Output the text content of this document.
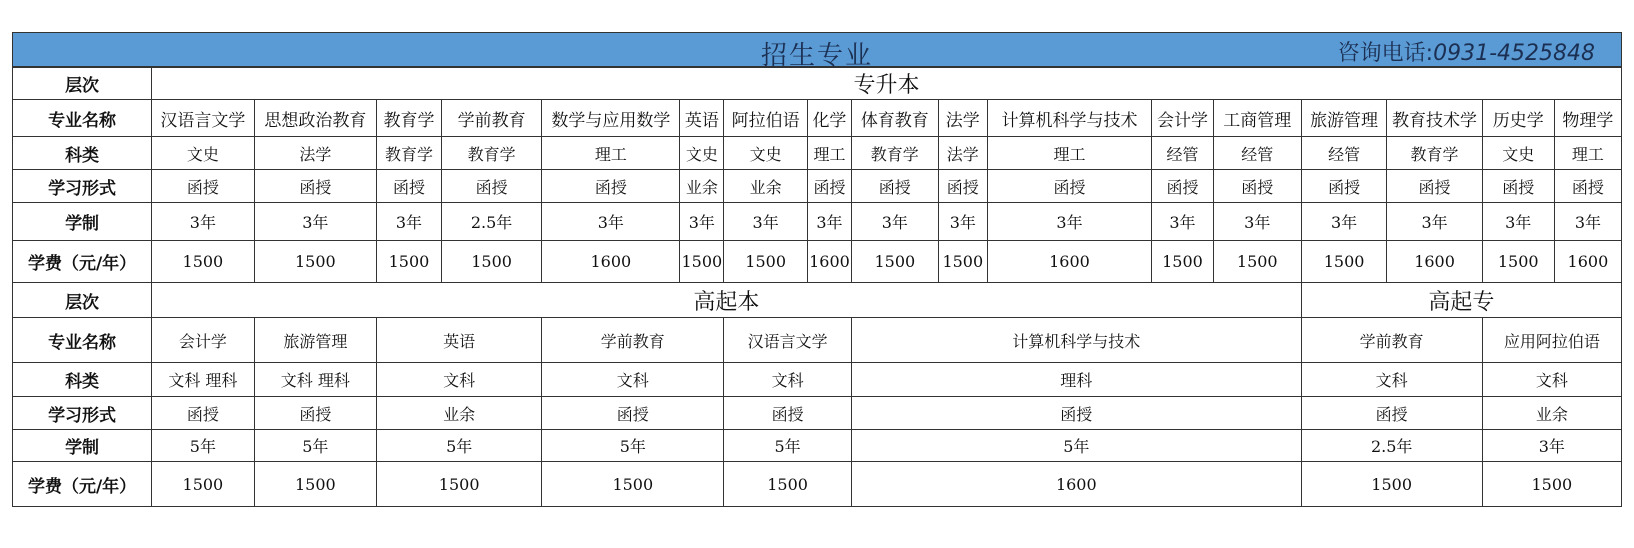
招生专业	咨询电话:0931-4525848
层次	专升本																
专业名称	汉语言文学	思想政治教育	教育学	学前教育	数学与应用数学	英语	阿拉伯语	化学	体育教育	法学	计算机科学与技术	会计学	工商管理	旅游管理	教育技术学	历史学	物理学
科类	文史	法学	教育学	教育学	理工	文史	文史	理工	教育学	法学	理工	经管	经管	经管	教育学	文史	理工
学习形式	函授	函授	函授	函授	函授	业余	业余	函授	函授	函授	函授	函授	函授	函授	函授	函授	函授
学制	3年	3年	3年	2.5年	3年	3年	3年	3年	3年	3年	3年	3年	3年	3年	3年	3年	3年
学费（元/年）	1500	1500	1500	1500	1600	1500	1500	1600	1500	1500	1600	1500	1500	1500	1600	1500	1600
层次	高起本													高起专			
专业名称	会计学	旅游管理	英语		学前教育		汉语言文学		计算机科学与技术					学前教育		应用阿拉伯语	
科类	文科 理科	文科 理科	文科		文科		文科		理科					文科		文科	
学习形式	函授	函授	业余		函授		函授		函授					函授		业余	
学制	5年	5年	5年		5年		5年		5年					2.5年		3年	
学费（元/年）	1500	1500	1500		1500		1500		1600					1500		1500	
